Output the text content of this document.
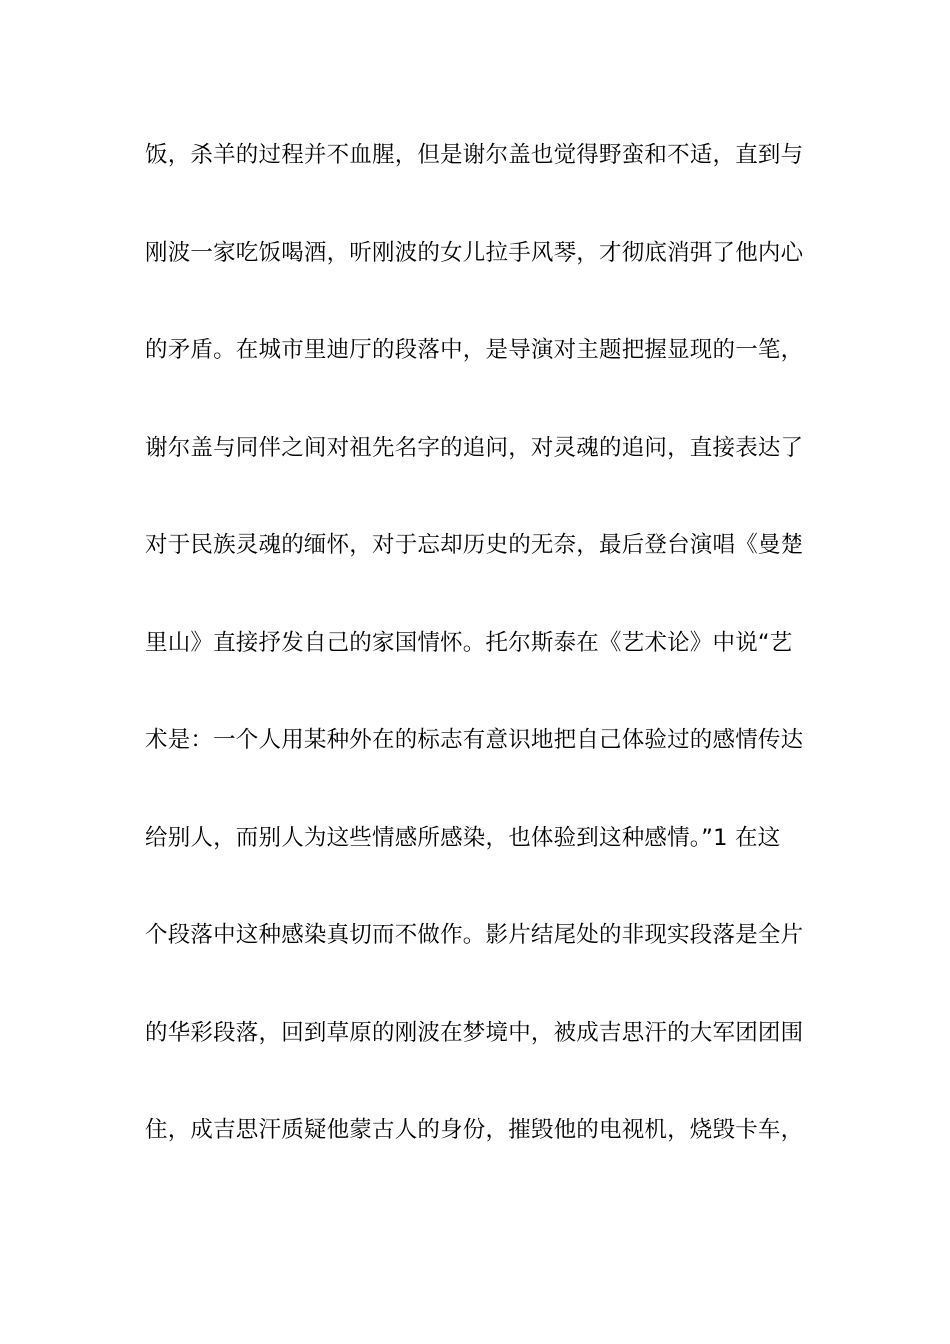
饭，杀羊的过程并不血腥，但是谢尔盖也觉得野蛮和不适，直到与
刚波一家吃饭喝酒，听刚波的女儿拉手风琴，才彻底消弭了他内心
的矛盾。在城市里迪厅的段落中，是导演对主题把握显现的一笔，
谢尔盖与同伴之间对祖先名字的追问，对灵魂的追问，直接表达了
对于民族灵魂的缅怀，对于忘却历史的无奈，最后登台演唱《曼楚
里山》直接抒发自己的家国情怀。托尔斯泰在《艺术论》中说“艺
术是：一个人用某种外在的标志有意识地把自己体验过的感情传达
给别人，而别人为这些情感所感染，也体验到这种感情。”1 在这
个段落中这种感染真切而不做作。影片结尾处的非现实段落是全片
的华彩段落，回到草原的刚波在梦境中，被成吉思汗的大军团团围
住，成吉思汗质疑他蒙古人的身份，摧毁他的电视机，烧毁卡车，
